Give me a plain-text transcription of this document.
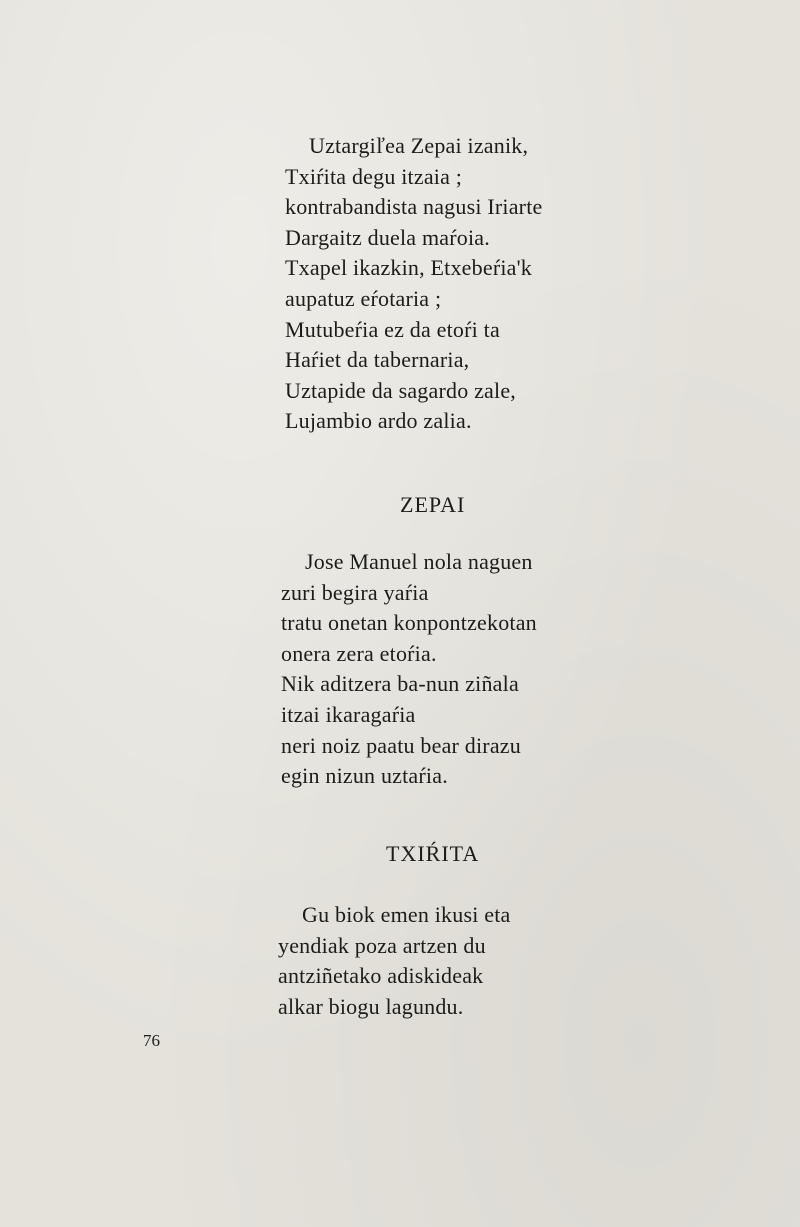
Uztargiľea Zepai izanik,
Txiŕita degu itzaia ;
kontrabandista nagusi Iriarte
Dargaitz duela maŕoia.
Txapel ikazkin, Etxebeŕia'k
aupatuz eŕotaria ;
Mutubeŕia ez da etoŕi ta
Haŕiet da tabernaria,
Uztapide da sagardo zale,
Lujambio ardo zalia.
ZEPAI
Jose Manuel nola naguen
zuri begira yaŕia
tratu onetan konpontzekotan
onera zera etoŕia.
Nik aditzera ba-nun ziñala
itzai ikaragaŕia
neri noiz paatu bear dirazu
egin nizun uztaŕia.
TXIŔITA
Gu biok emen ikusi eta
yendiak poza artzen du
antziñetako adiskideak
alkar biogu lagundu.
76
